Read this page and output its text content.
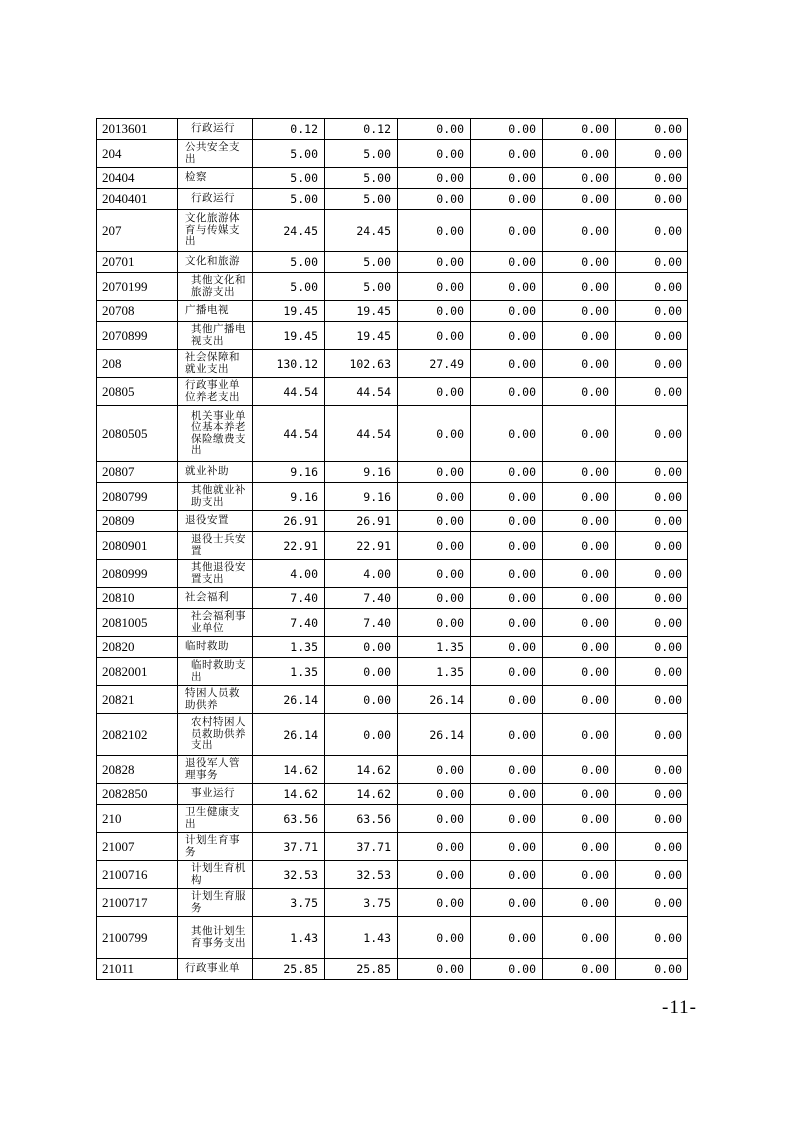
2013601	行政运行	0.12	0.12	0.00	0.00	0.00	0.00
204	公共安全支出	5.00	5.00	0.00	0.00	0.00	0.00
20404	检察	5.00	5.00	0.00	0.00	0.00	0.00
2040401	行政运行	5.00	5.00	0.00	0.00	0.00	0.00
207	文化旅游体育与传媒支出	24.45	24.45	0.00	0.00	0.00	0.00
20701	文化和旅游	5.00	5.00	0.00	0.00	0.00	0.00
2070199	其他文化和旅游支出	5.00	5.00	0.00	0.00	0.00	0.00
20708	广播电视	19.45	19.45	0.00	0.00	0.00	0.00
2070899	其他广播电视支出	19.45	19.45	0.00	0.00	0.00	0.00
208	社会保障和就业支出	130.12	102.63	27.49	0.00	0.00	0.00
20805	行政事业单位养老支出	44.54	44.54	0.00	0.00	0.00	0.00
2080505	机关事业单位基本养老保险缴费支出	44.54	44.54	0.00	0.00	0.00	0.00
20807	就业补助	9.16	9.16	0.00	0.00	0.00	0.00
2080799	其他就业补助支出	9.16	9.16	0.00	0.00	0.00	0.00
20809	退役安置	26.91	26.91	0.00	0.00	0.00	0.00
2080901	退役士兵安置	22.91	22.91	0.00	0.00	0.00	0.00
2080999	其他退役安置支出	4.00	4.00	0.00	0.00	0.00	0.00
20810	社会福利	7.40	7.40	0.00	0.00	0.00	0.00
2081005	社会福利事业单位	7.40	7.40	0.00	0.00	0.00	0.00
20820	临时救助	1.35	0.00	1.35	0.00	0.00	0.00
2082001	临时救助支出	1.35	0.00	1.35	0.00	0.00	0.00
20821	特困人员救助供养	26.14	0.00	26.14	0.00	0.00	0.00
2082102	农村特困人员救助供养支出	26.14	0.00	26.14	0.00	0.00	0.00
20828	退役军人管理事务	14.62	14.62	0.00	0.00	0.00	0.00
2082850	事业运行	14.62	14.62	0.00	0.00	0.00	0.00
210	卫生健康支出	63.56	63.56	0.00	0.00	0.00	0.00
21007	计划生育事务	37.71	37.71	0.00	0.00	0.00	0.00
2100716	计划生育机构	32.53	32.53	0.00	0.00	0.00	0.00
2100717	计划生育服务	3.75	3.75	0.00	0.00	0.00	0.00
2100799	其他计划生育事务支出	1.43	1.43	0.00	0.00	0.00	0.00
21011	行政事业单	25.85	25.85	0.00	0.00	0.00	0.00
-11-
